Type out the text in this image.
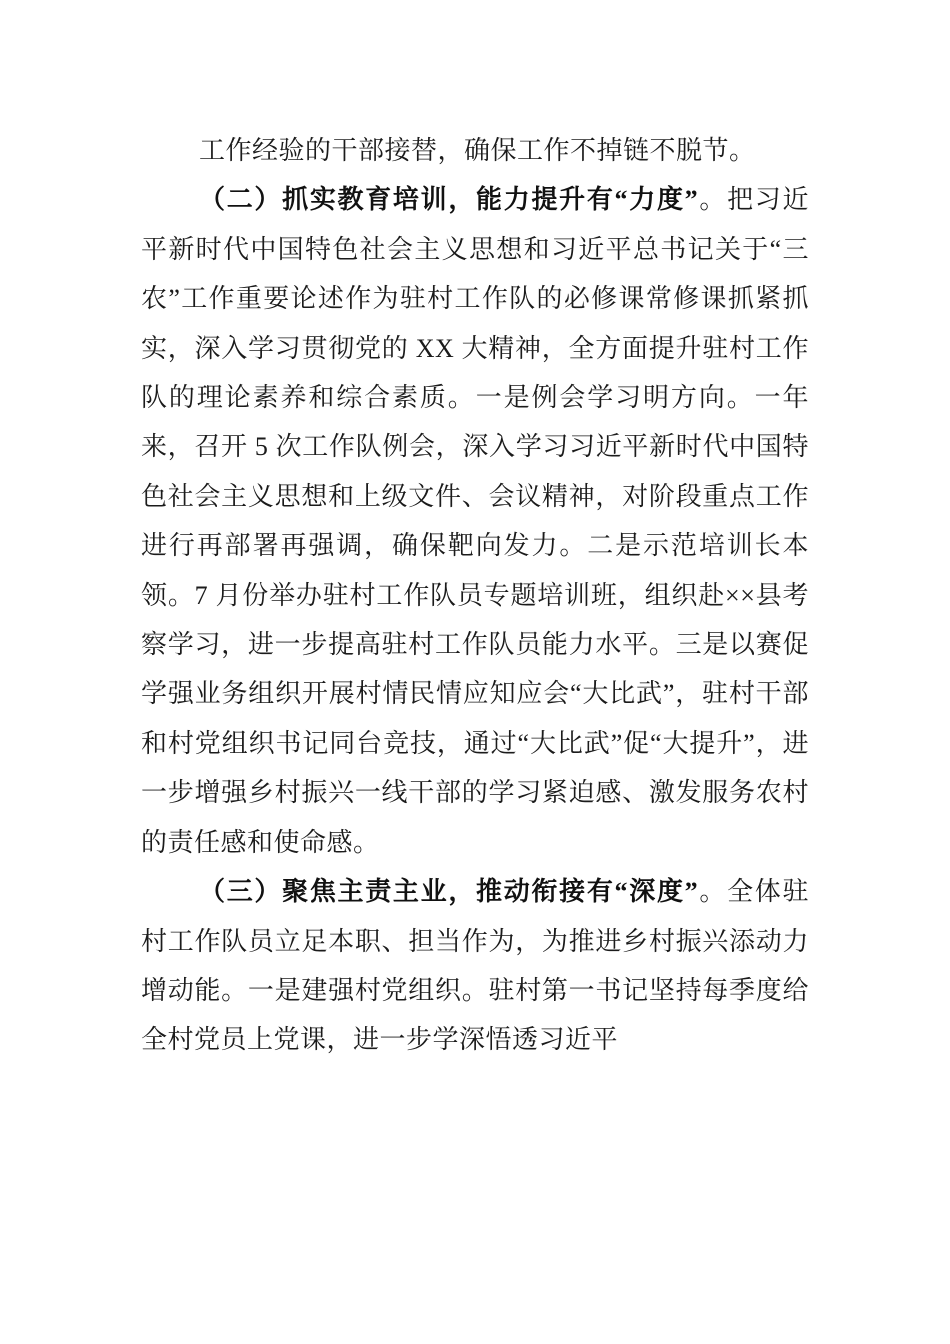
工作经验的干部接替，确保工作不掉链不脱节。

（二）抓实教育培训，能力提升有“力度”。把习近平新时代中国特色社会主义思想和习近平总书记关于“三农”工作重要论述作为驻村工作队的必修课常修课抓紧抓实，深入学习贯彻党的 XX 大精神，全方面提升驻村工作队的理论素养和综合素质。一是例会学习明方向。一年来，召开 5 次工作队例会，深入学习习近平新时代中国特色社会主义思想和上级文件、会议精神，对阶段重点工作进行再部署再强调，确保靶向发力。二是示范培训长本领。7 月份举办驻村工作队员专题培训班，组织赴××县考察学习，进一步提高驻村工作队员能力水平。三是以赛促学强业务组织开展村情民情应知应会“大比武”，驻村干部和村党组织书记同台竞技，通过“大比武”促“大提升”，进一步增强乡村振兴一线干部的学习紧迫感、激发服务农村的责任感和使命感。

（三）聚焦主责主业，推动衔接有“深度”。全体驻村工作队员立足本职、担当作为，为推进乡村振兴添动力增动能。一是建强村党组织。驻村第一书记坚持每季度给全村党员上党课，进一步学深悟透习近平
